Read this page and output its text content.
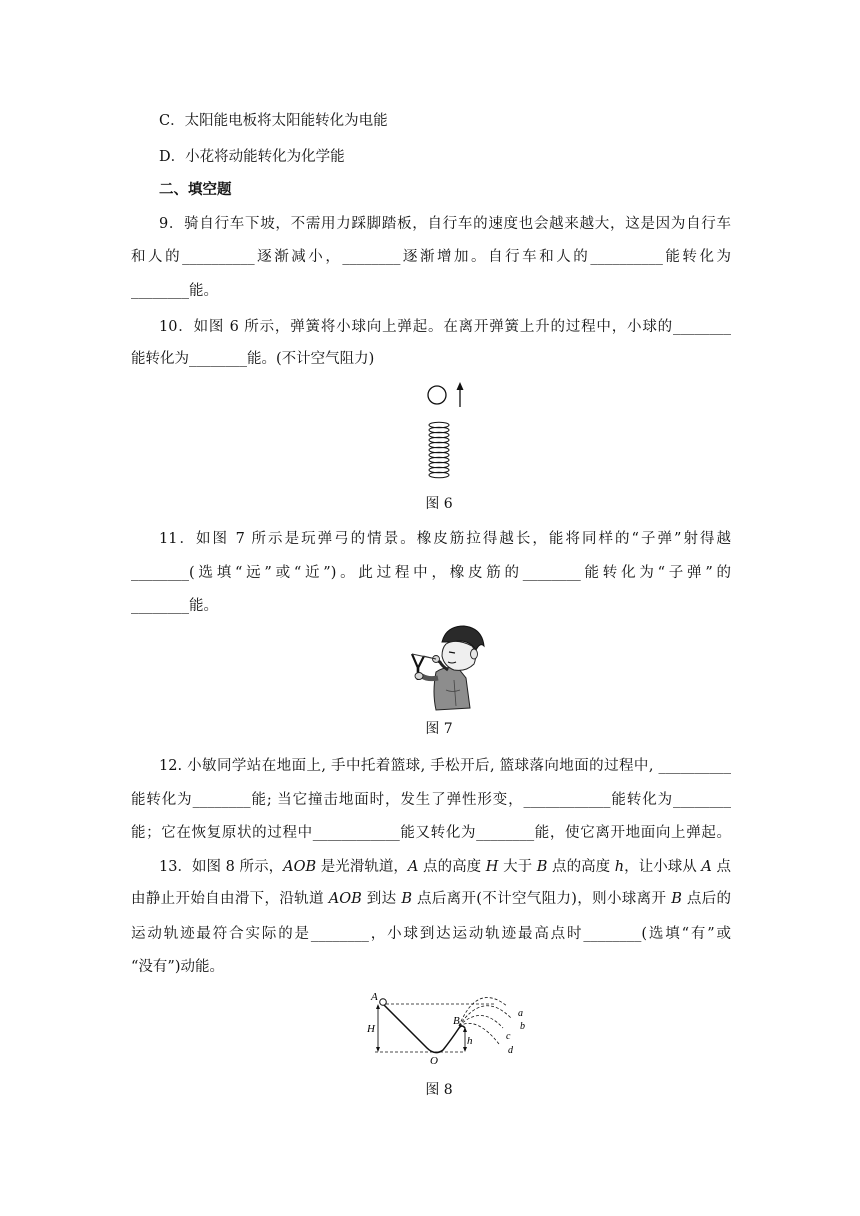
C．太阳能电板将太阳能转化为电能
D．小花将动能转化为化学能
二、填空题
9．骑自行车下坡，不需用力踩脚踏板，自行车的速度也会越来越大，这是因为自行车
和人的__________逐渐减小，________逐渐增加。自行车和人的__________能转化为
________能。
10．如图 6 所示，弹簧将小球向上弹起。在离开弹簧上升的过程中，小球的________
能转化为________能。(不计空气阻力)
图 6
11．如图 7 所示是玩弹弓的情景。橡皮筋拉得越长，能将同样的“子弹”射得越
________(选填“远”或“近”)。此过程中，橡皮筋的________能转化为“子弹”的
________能。
图 7
12. 小敏同学站在地面上, 手中托着篮球, 手松开后, 篮球落向地面的过程中, __________
能转化为________能; 当它撞击地面时，发生了弹性形变，____________能转化为________
能；它在恢复原状的过程中____________能又转化为________能，使它离开地面向上弹起。
13．如图 8 所示，AOB 是光滑轨道，A 点的高度 H 大于 B 点的高度 h，让小球从 A 点
由静止开始自由滑下，沿轨道 AOB 到达 B 点后离开(不计空气阻力)，则小球离开 B 点后的
运动轨迹最符合实际的是________，小球到达运动轨迹最高点时________(选填“有”或
“没有”)动能。
A
H
B
h
O
a
b
c
d
图 8
